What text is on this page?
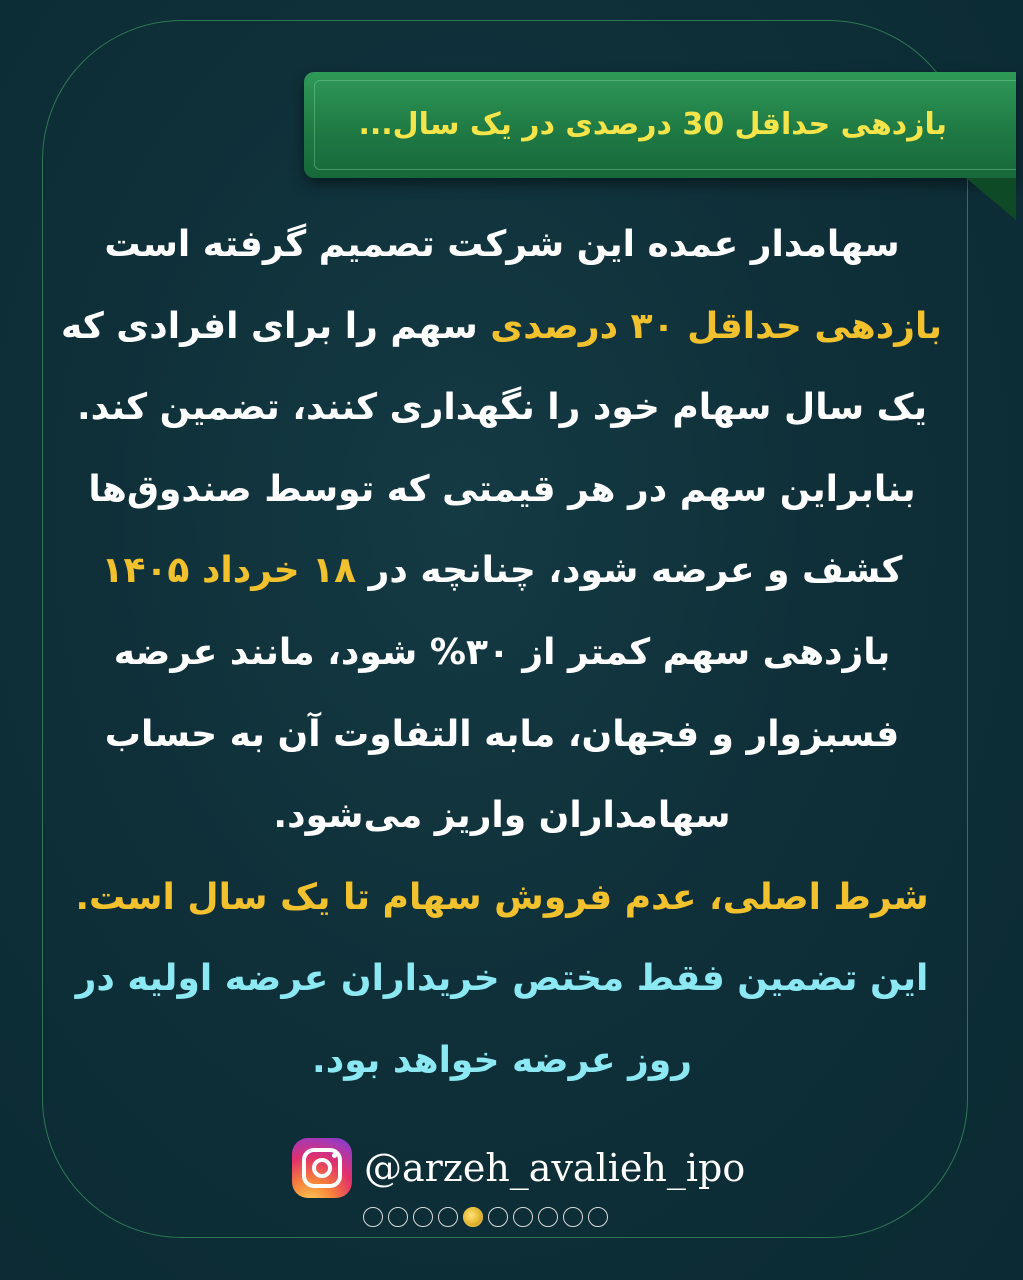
بازدهی حداقل 30 درصدی در یک سال...
سهامدار عمده این شرکت تصمیم گرفته است
بازدهی حداقل ۳۰ درصدی سهم را برای افرادی که
یک سال سهام خود را نگهداری کنند، تضمین کند.
بنابراین سهم در هر قیمتی که توسط صندوق‌ها
کشف و عرضه شود، چنانچه در ۱۸ خرداد ۱۴۰۵
بازدهی سهم کمتر از ۳۰% شود، مانند عرضه
فسبزوار و فجهان، مابه التفاوت آن به حساب
سهامداران واریز می‌شود.
شرط اصلی، عدم فروش سهام تا یک سال است.
این تضمین فقط مختص خریداران عرضه اولیه در
روز عرضه خواهد بود.
@arzeh_avalieh_ipo
